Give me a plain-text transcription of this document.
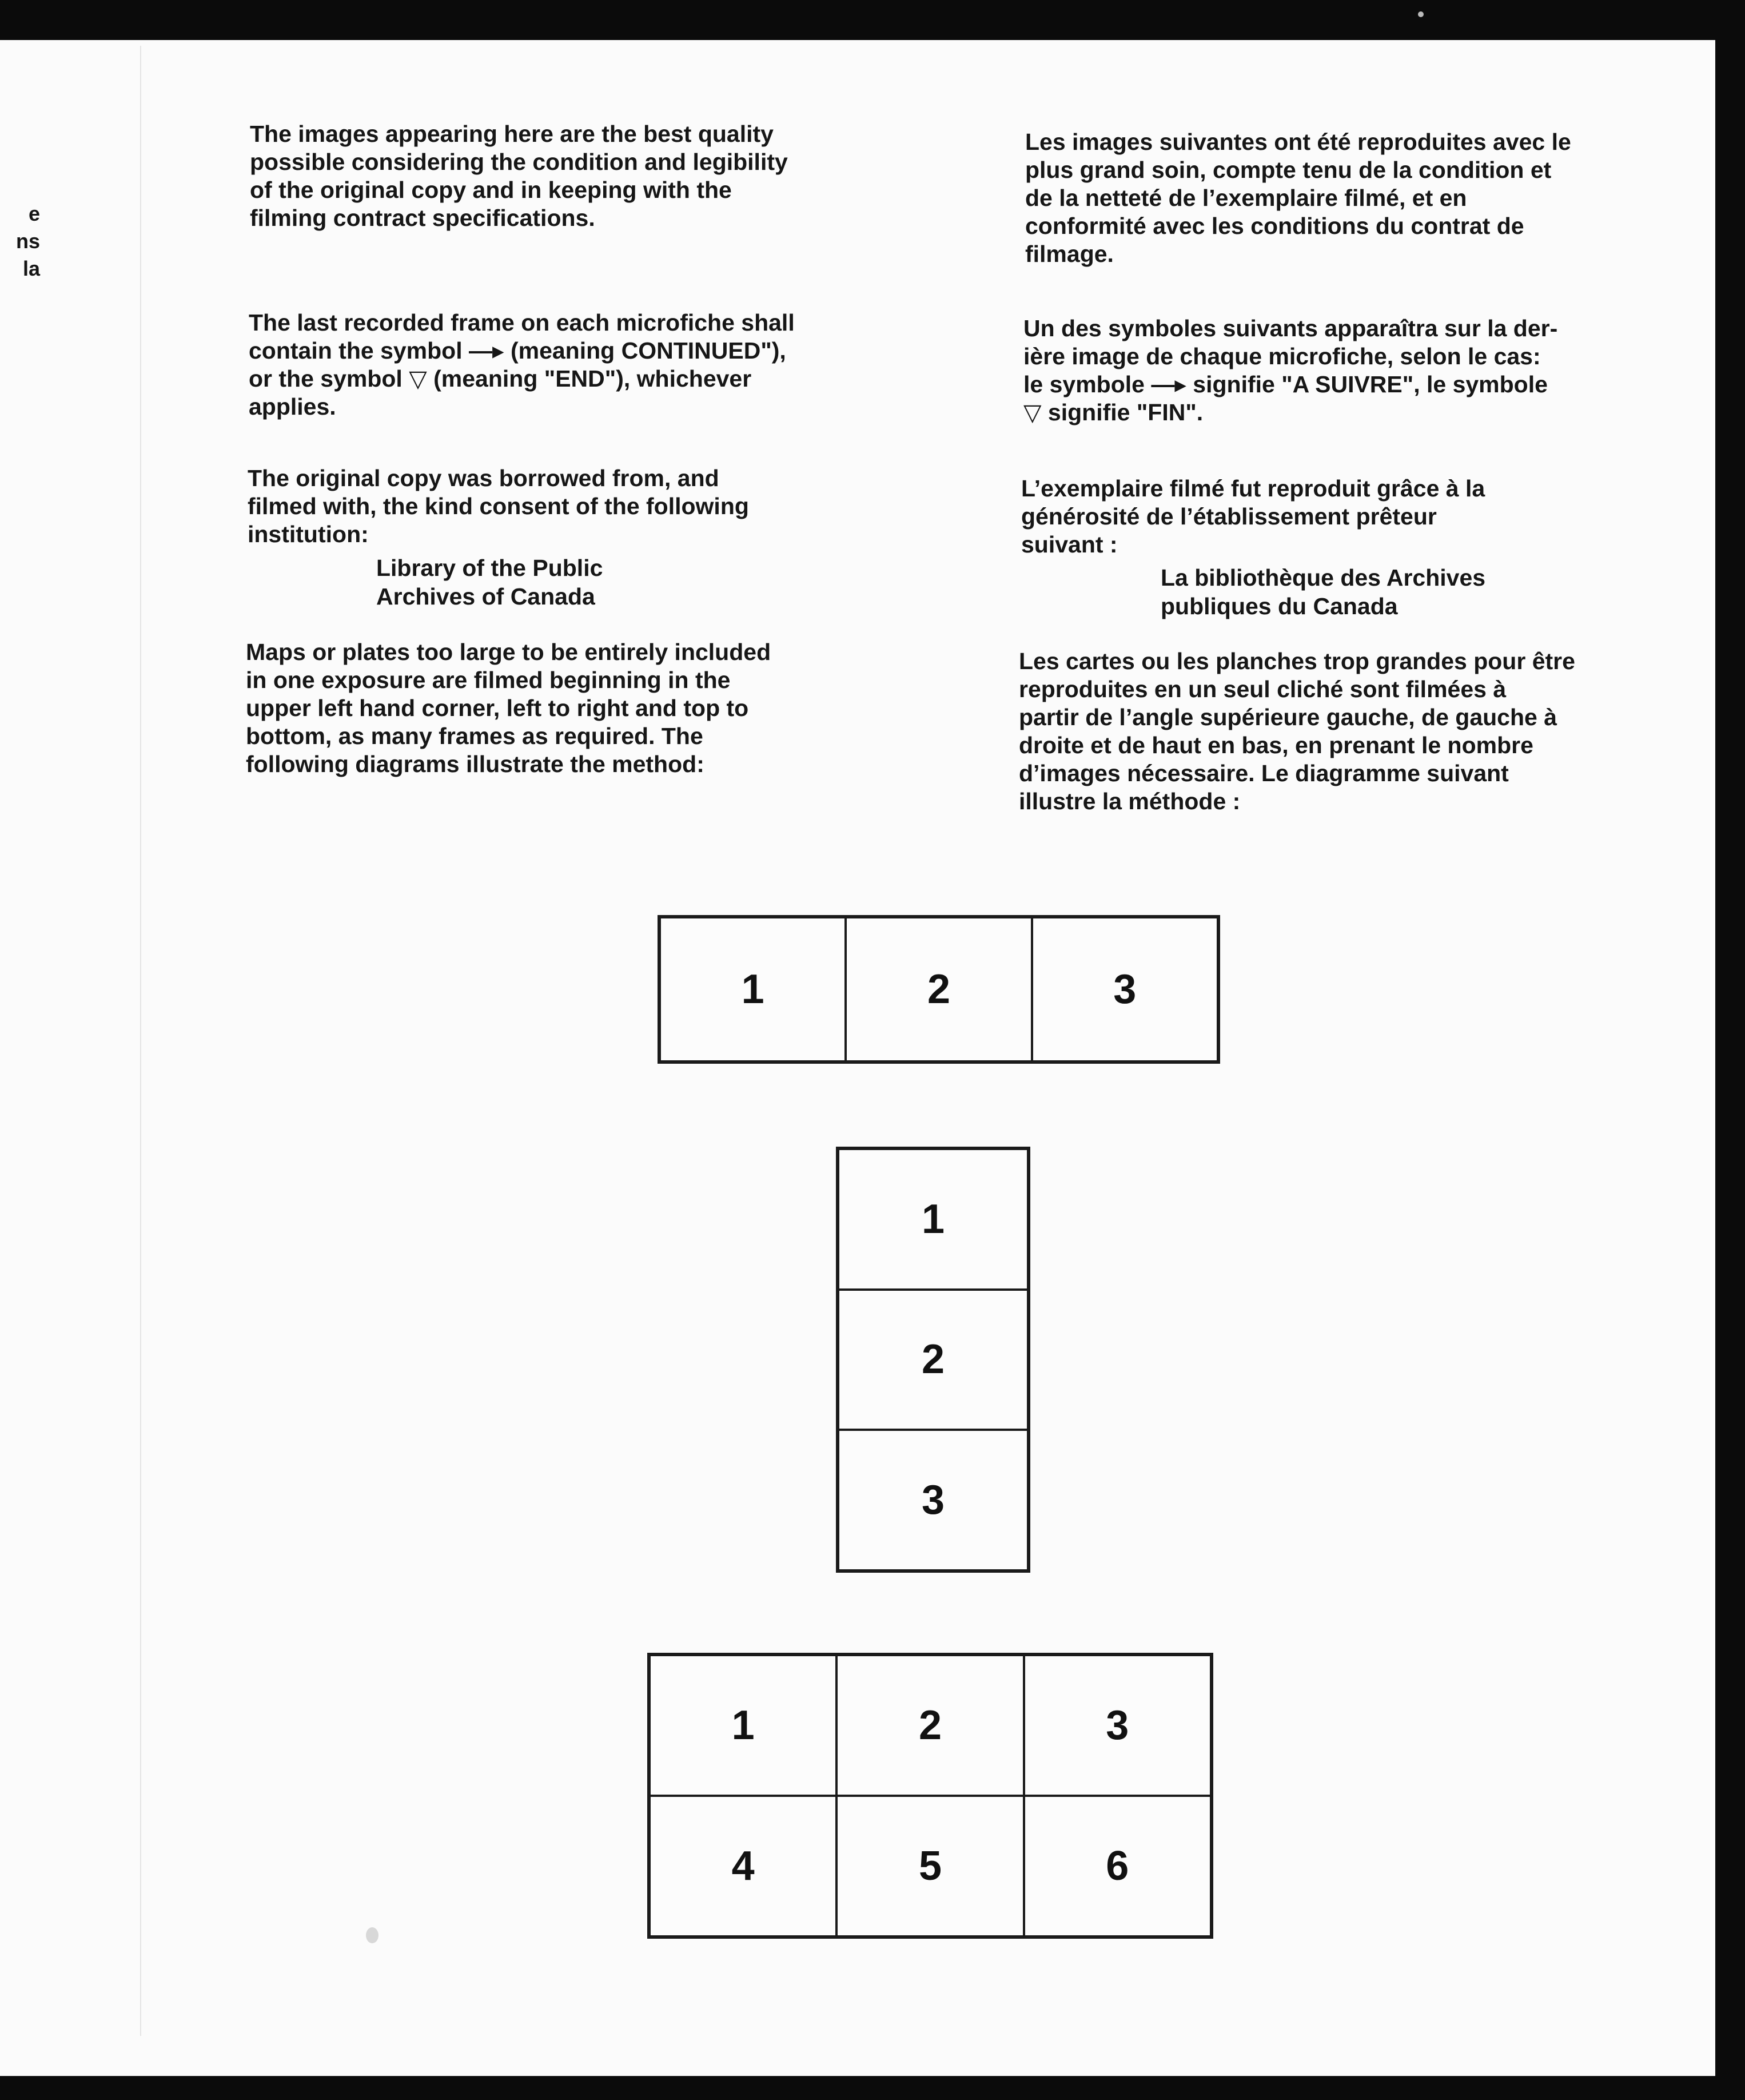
e
ns
la

The images appearing here are the best quality
possible considering the condition and legibility
of the original copy and in keeping with the
filming contract specifications.

The last recorded frame on each microfiche shall
contain the symbol —▸ (meaning CONTINUED"),
or the symbol ▽ (meaning "END"), whichever
applies.

The original copy was borrowed from, and
filmed with, the kind consent of the following
institution:

Library of the Public
Archives of Canada

Maps or plates too large to be entirely included
in one exposure are filmed beginning in the
upper left hand corner, left to right and top to
bottom, as many frames as required. The
following diagrams illustrate the method:

Les images suivantes ont été reproduites avec le
plus grand soin, compte tenu de la condition et
de la netteté de l’exemplaire filmé, et en
conformité avec les conditions du contrat de
filmage.

Un des symboles suivants apparaîtra sur la der-
ière image de chaque microfiche, selon le cas:
le symbole —▸ signifie "A SUIVRE", le symbole
▽ signifie "FIN".

L’exemplaire filmé fut reproduit grâce à la
générosité de l’établissement prêteur
suivant :

La bibliothèque des Archives
publiques du Canada

Les cartes ou les planches trop grandes pour être
reproduites en un seul cliché sont filmées à
partir de l’angle supérieure gauche, de gauche à
droite et de haut en bas, en prenant le nombre
d’images nécessaire. Le diagramme suivant
illustre la méthode :

1	2	3
1
2
3
1	2	3
4	5	6
